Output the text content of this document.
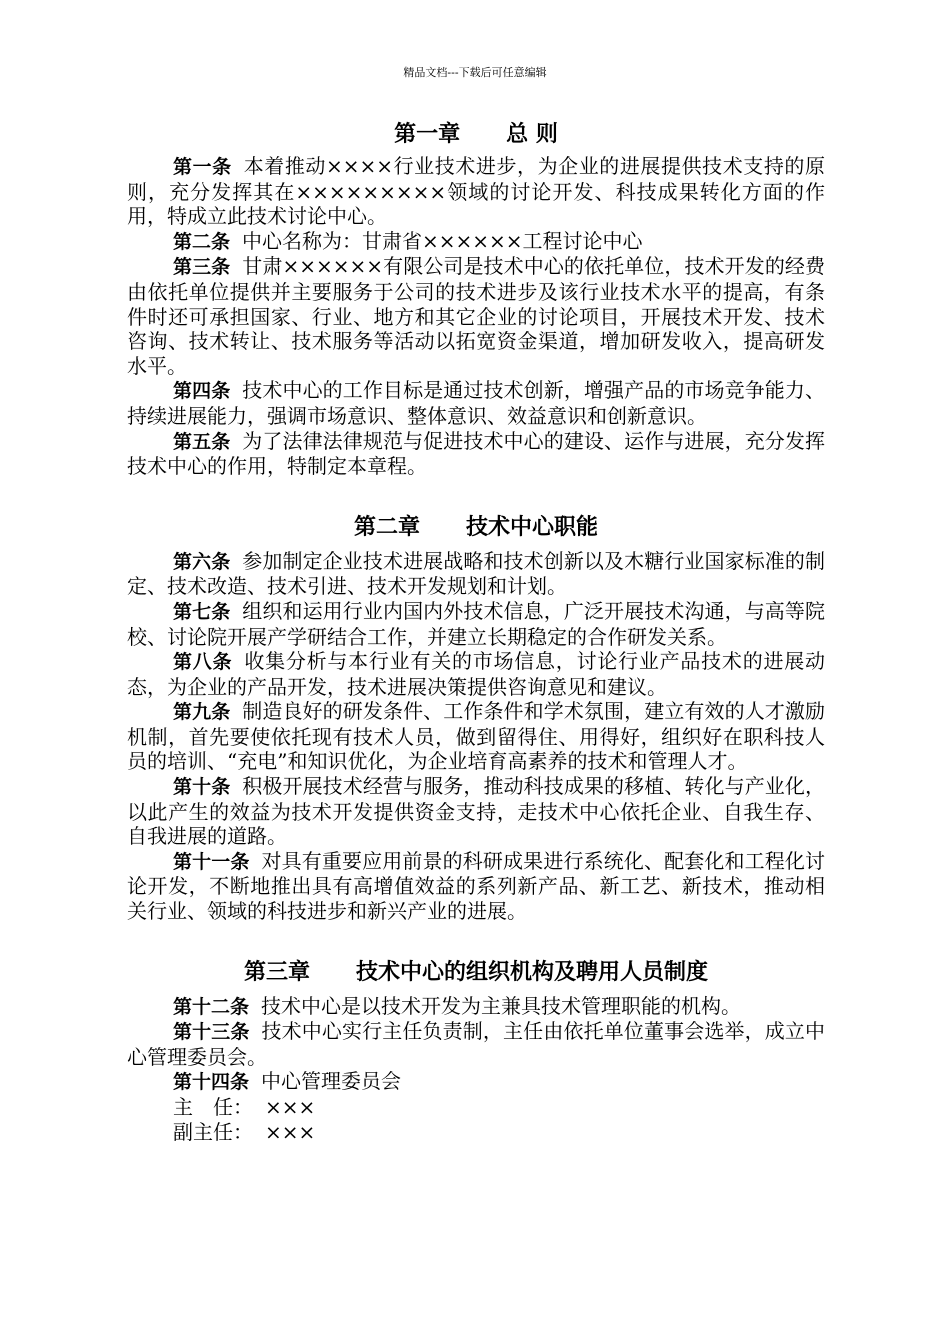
精品文档---下载后可任意编辑
第一章 总 则

第一条 本着推动××××行业技术进步，为企业的进展提供技术支持的原则，充分发挥其在×××××××××领域的讨论开发、科技成果转化方面的作用，特成立此技术讨论中心。

第二条 中心名称为：甘肃省××××××工程讨论中心

第三条 甘肃××××××有限公司是技术中心的依托单位，技术开发的经费由依托单位提供并主要服务于公司的技术进步及该行业技术水平的提高，有条件时还可承担国家、行业、地方和其它企业的讨论项目，开展技术开发、技术咨询、技术转让、技术服务等活动以拓宽资金渠道，增加研发收入，提高研发水平。

第四条 技术中心的工作目标是通过技术创新，增强产品的市场竞争能力、持续进展能力，强调市场意识、整体意识、效益意识和创新意识。

第五条 为了法律法律规范与促进技术中心的建设、运作与进展，充分发挥技术中心的作用，特制定本章程。

第二章 技术中心职能

第六条 参加制定企业技术进展战略和技术创新以及木糖行业国家标准的制定、技术改造、技术引进、技术开发规划和计划。

第七条 组织和运用行业内国内外技术信息，广泛开展技术沟通，与高等院校、讨论院开展产学研结合工作，并建立长期稳定的合作研发关系。

第八条 收集分析与本行业有关的市场信息，讨论行业产品技术的进展动态，为企业的产品开发，技术进展决策提供咨询意见和建议。

第九条 制造良好的研发条件、工作条件和学术氛围，建立有效的人才激励机制，首先要使依托现有技术人员，做到留得住、用得好，组织好在职科技人员的培训、“充电”和知识优化，为企业培育高素养的技术和管理人才。

第十条 积极开展技术经营与服务，推动科技成果的移植、转化与产业化，以此产生的效益为技术开发提供资金支持，走技术中心依托企业、自我生存、自我进展的道路。

第十一条 对具有重要应用前景的科研成果进行系统化、配套化和工程化讨论开发，不断地推出具有高增值效益的系列新产品、新工艺、新技术，推动相关行业、领域的科技进步和新兴产业的进展。

第三章 技术中心的组织机构及聘用人员制度

第十二条 技术中心是以技术开发为主兼具技术管理职能的机构。

第十三条 技术中心实行主任负责制，主任由依托单位董事会选举，成立中心管理委员会。

第十四条 中心管理委员会

主　任： ×××

副主任： ×××
